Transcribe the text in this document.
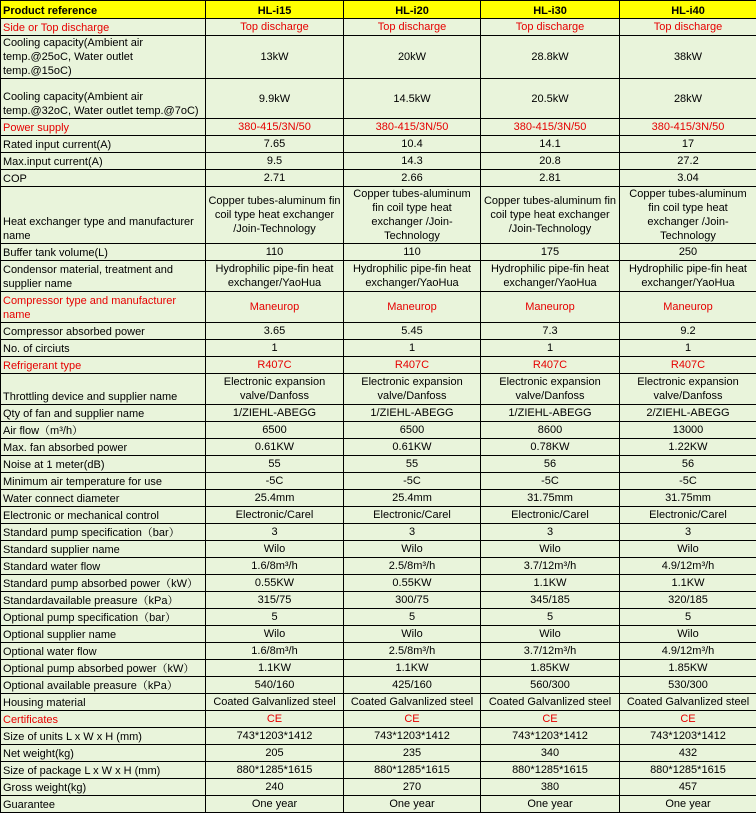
Product reference	HL-i15	HL-i20	HL-i30	HL-i40
Side or Top discharge	Top discharge	Top discharge	Top discharge	Top discharge
Cooling capacity(Ambient air temp.@25oC, Water outlet temp.@15oC)	13kW	20kW	28.8kW	38kW
Cooling capacity(Ambient air temp.@32oC, Water outlet temp.@7oC)	9.9kW	14.5kW	20.5kW	28kW
Power supply	380-415/3N/50	380-415/3N/50	380-415/3N/50	380-415/3N/50
Rated input current(A)	7.65	10.4	14.1	17
Max.input current(A)	9.5	14.3	20.8	27.2
COP	2.71	2.66	2.81	3.04
Heat exchanger type and manufacturer name	Copper tubes-aluminum fin coil type heat exchanger /Join-Technology	Copper tubes-aluminum fin coil type heat exchanger /Join-Technology	Copper tubes-aluminum fin coil type heat exchanger /Join-Technology	Copper tubes-aluminum fin coil type heat exchanger /Join-Technology
Buffer tank volume(L)	110	110	175	250
Condensor material, treatment and supplier name	Hydrophilic pipe-fin heat exchanger/YaoHua	Hydrophilic pipe-fin heat exchanger/YaoHua	Hydrophilic pipe-fin heat exchanger/YaoHua	Hydrophilic pipe-fin heat exchanger/YaoHua
Compressor type and manufacturer name	Maneurop	Maneurop	Maneurop	Maneurop
Compressor absorbed power	3.65	5.45	7.3	9.2
No. of circiuts	1	1	1	1
Refrigerant type	R407C	R407C	R407C	R407C
Throttling device and supplier name	Electronic expansion valve/Danfoss	Electronic expansion valve/Danfoss	Electronic expansion valve/Danfoss	Electronic expansion valve/Danfoss
Qty of fan and supplier name	1/ZIEHL-ABEGG	1/ZIEHL-ABEGG	1/ZIEHL-ABEGG	2/ZIEHL-ABEGG
Air flow（m³/h）	6500	6500	8600	13000
Max. fan absorbed power	0.61KW	0.61KW	0.78KW	1.22KW
Noise at 1 meter(dB)	55	55	56	56
Minimum air temperature for use	-5C	-5C	-5C	-5C
Water connect diameter	25.4mm	25.4mm	31.75mm	31.75mm
Electronic or mechanical control	Electronic/Carel	Electronic/Carel	Electronic/Carel	Electronic/Carel
Standard pump specification（bar）	3	3	3	3
Standard supplier name	Wilo	Wilo	Wilo	Wilo
Standard water flow	1.6/8m³/h	2.5/8m³/h	3.7/12m³/h	4.9/12m³/h
Standard pump absorbed power（kW）	0.55KW	0.55KW	1.1KW	1.1KW
Standardavailable preasure（kPa）	315/75	300/75	345/185	320/185
Optional pump specification（bar）	5	5	5	5
Optional supplier name	Wilo	Wilo	Wilo	Wilo
Optional water flow	1.6/8m³/h	2.5/8m³/h	3.7/12m³/h	4.9/12m³/h
Optional pump absorbed power（kW）	1.1KW	1.1KW	1.85KW	1.85KW
Optional available preasure（kPa）	540/160	425/160	560/300	530/300
Housing material	Coated Galvanlized steel	Coated Galvanlized steel	Coated Galvanlized steel	Coated Galvanlized steel
Certificates	CE	CE	CE	CE
Size of units L x W x H (mm)	743*1203*1412	743*1203*1412	743*1203*1412	743*1203*1412
Net weight(kg)	205	235	340	432
Size of package L x W x H (mm)	880*1285*1615	880*1285*1615	880*1285*1615	880*1285*1615
Gross weight(kg)	240	270	380	457
Guarantee	One year	One year	One year	One year
